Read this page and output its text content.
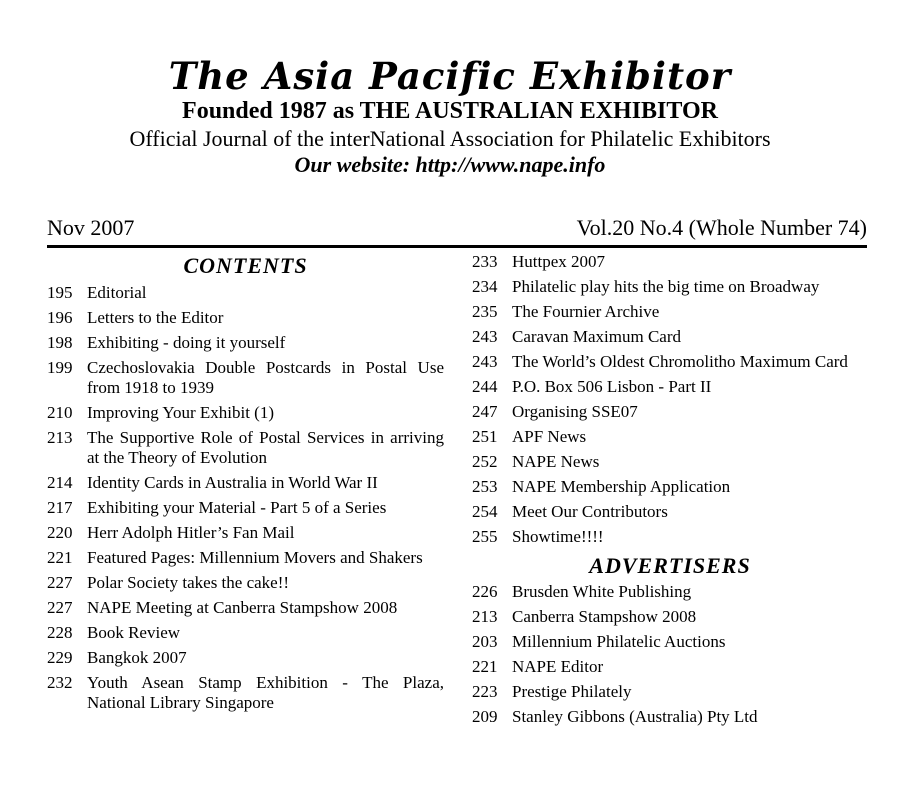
The Asia Pacific Exhibitor
Founded 1987 as THE AUSTRALIAN EXHIBITOR
Official Journal of the interNational Association for Philatelic Exhibitors
Our website: http://www.nape.info
Nov 2007	Vol.20 No.4 (Whole Number 74)
CONTENTS
195 Editorial
196 Letters to the Editor
198 Exhibiting - doing it yourself
199 Czechoslovakia Double Postcards in Postal Use from 1918 to 1939
210 Improving Your Exhibit (1)
213 The Supportive Role of Postal Services in arriving at the Theory of Evolution
214 Identity Cards in Australia in World War II
217 Exhibiting your Material - Part 5 of a Series
220 Herr Adolph Hitler’s Fan Mail
221 Featured Pages: Millennium Movers and Shakers
227 Polar Society takes the cake!!
227 NAPE Meeting at Canberra Stampshow 2008
228 Book Review
229 Bangkok 2007
232 Youth Asean Stamp Exhibition - The Plaza, National Library Singapore
233 Huttpex 2007
234 Philatelic play hits the big time on Broadway
235 The Fournier Archive
243 Caravan Maximum Card
243 The World’s Oldest Chromolitho Maximum Card
244 P.O. Box 506 Lisbon - Part II
247 Organising SSE07
251 APF News
252 NAPE News
253 NAPE Membership Application
254 Meet Our Contributors
255 Showtime!!!!
ADVERTISERS
226 Brusden White Publishing
213 Canberra Stampshow 2008
203 Millennium Philatelic Auctions
221 NAPE Editor
223 Prestige Philately
209 Stanley Gibbons (Australia) Pty Ltd
